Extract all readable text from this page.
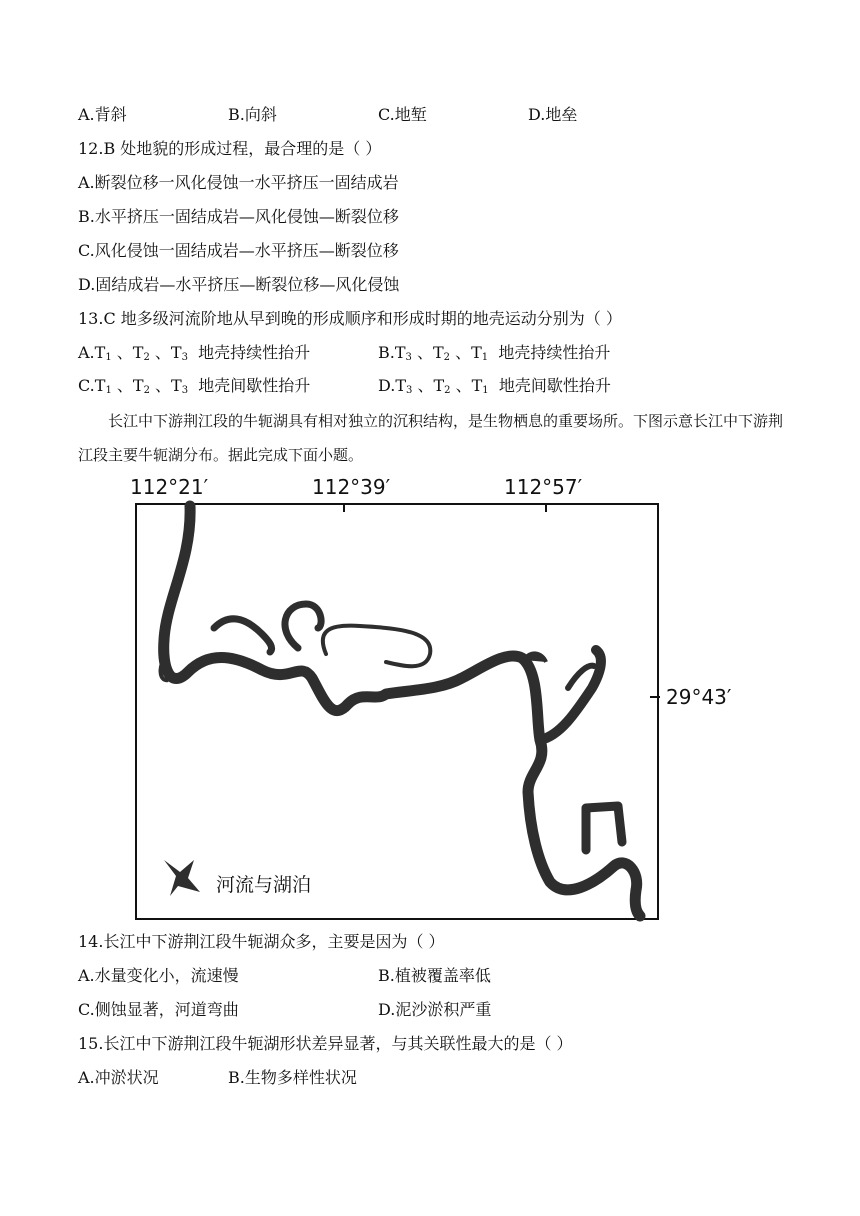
A.背斜	B.向斜	C.地堑	D.地垒
12.B 处地貌的形成过程，最合理的是（ ）
A.断裂位移一风化侵蚀一水平挤压一固结成岩
B.水平挤压一固结成岩—风化侵蚀—断裂位移
C.风化侵蚀一固结成岩—水平挤压—断裂位移
D.固结成岩—水平挤压—断裂位移—风化侵蚀
13.C 地多级河流阶地从早到晚的形成顺序和形成时期的地壳运动分别为（ ）
$A.T_1$ 、$T_2$ 、$T_3$ 地壳持续性抬升	$B.T_3$ 、$T_2$ 、$T_1$ 地壳持续性抬升
$C.T_1$ 、$T_2$ 、$T_3$ 地壳间歇性抬升	$D.T_3$ 、$T_2$ 、$T_1$ 地壳间歇性抬升
长江中下游荆江段的牛轭湖具有相对独立的沉积结构，是生物栖息的重要场所。下图示意长江中下游荆江段主要牛轭湖分布。据此完成下面小题。
112°21′	112°39′	112°57′
29°43′
河流与湖泊
14.长江中下游荆江段牛轭湖众多，主要是因为（ ）
A.水量变化小，流速慢	B.植被覆盖率低
C.侧蚀显著，河道弯曲	D.泥沙淤积严重
15.长江中下游荆江段牛轭湖形状差异显著，与其关联性最大的是（ ）
A.冲淤状况	B.生物多样性状况
